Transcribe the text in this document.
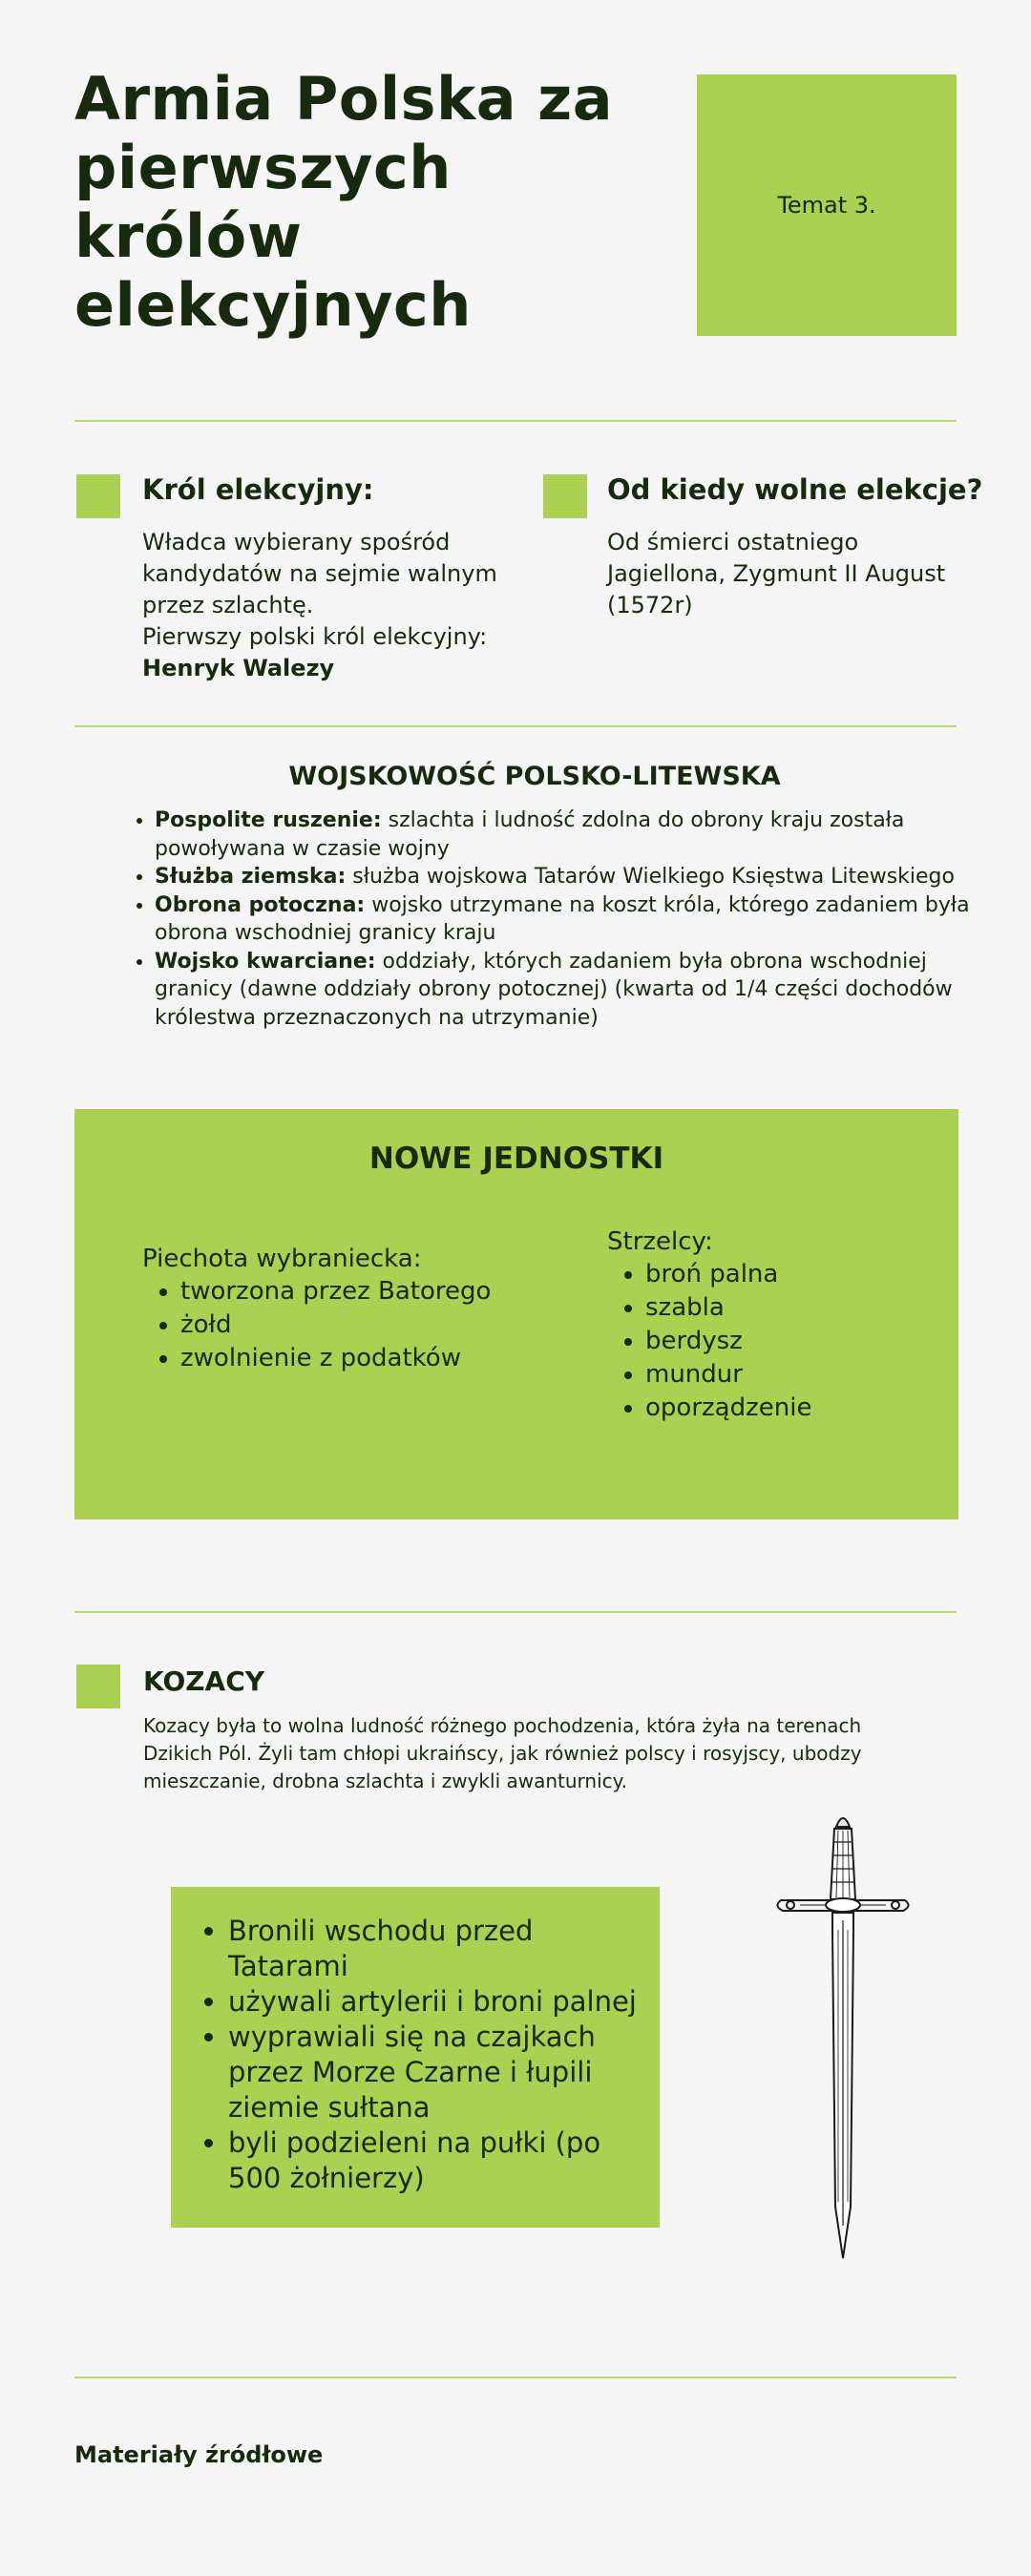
Armia Polska za pierwszych królów elekcyjnych
Temat 3.
Król elekcyjny:

Władca wybierany spośród kandydatów na sejmie walnym przez szlachtę.

Pierwszy polski król elekcyjny:

Henryk Walezy

Od kiedy wolne elekcje?

Od śmierci ostatniego Jagiellona, Zygmunt II August (1572r)

WOJSKOWOŚĆ POLSKO-LITEWSKA
• Pospolite ruszenie: szlachta i ludność zdolna do obrony kraju została powoływana w czasie wojny
• Służba ziemska: służba wojskowa Tatarów Wielkiego Księstwa Litewskiego
• Obrona potoczna: wojsko utrzymane na koszt króla, którego zadaniem była obrona wschodniej granicy kraju
• Wojsko kwarciane: oddziały, których zadaniem była obrona wschodniej granicy (dawne oddziały obrony potocznej) (kwarta od 1/4 części dochodów królestwa przeznaczonych na utrzymanie)
NOWE JEDNOSTKI

Piechota wybraniecka:

• tworzona przez Batorego
• żołd
• zwolnienie z podatków

Strzelcy:

• broń palna
• szabla
• berdysz
• mundur
• oporządzenie
KOZACY

Kozacy była to wolna ludność różnego pochodzenia, która żyła na terenach Dzikich Pól. Żyli tam chłopi ukraińscy, jak również polscy i rosyjscy, ubodzy mieszczanie, drobna szlachta i zwykli awanturnicy.

• Bronili wschodu przed Tatarami
• używali artylerii i broni palnej
• wyprawiali się na czajkach przez Morze Czarne i łupili ziemie sułtana
• byli podzieleni na pułki (po 500 żołnierzy)

Materiały źródłowe
